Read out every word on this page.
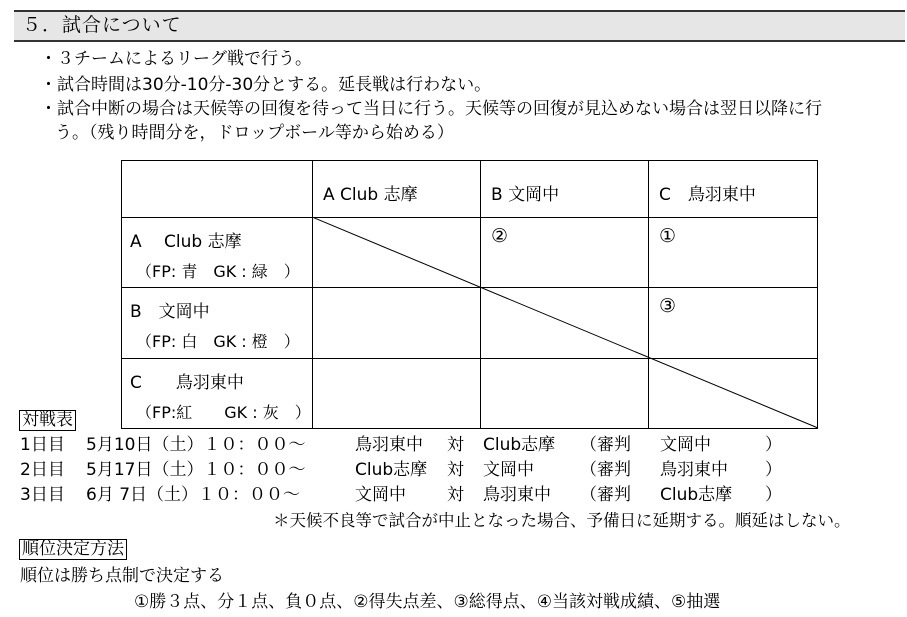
５．試合について
・３チームによるリーグ戦で行う。
・試合時間は30分-10分-30分とする。延長戦は行わない。
・試合中断の場合は天候等の回復を待って当日に行う。天候等の回復が見込めない場合は翌日以降に行
う。（残り時間分を，ドロップボール等から始める）

	A Club 志摩	B 文岡中	C　鳥羽東中

A　 Club 志摩
（FP: 青　GK : 緑　）		②	①

B　文岡中
（FP: 白　GK : 橙　）			③

C　　鳥羽東中
（FP:紅　　GK : 灰　）			

対戦表
1日目 5月10日（土）１０：００～	鳥羽東中 対 Club志摩 （審判 文岡中	）
2日目 5月17日（土）１０：００～	Club志摩 対 文岡中	（審判 鳥羽東中 ）
3日目 6月 7日（土）１０：００～	文岡中 対 鳥羽東中 （審判 Club志摩 ）
＊天候不良等で試合が中止となった場合、予備日に延期する。順延はしない。
順位決定方法
順位は勝ち点制で決定する
①勝３点、分１点、負０点、②得失点差、③総得点、④当該対戦成績、⑤抽選
